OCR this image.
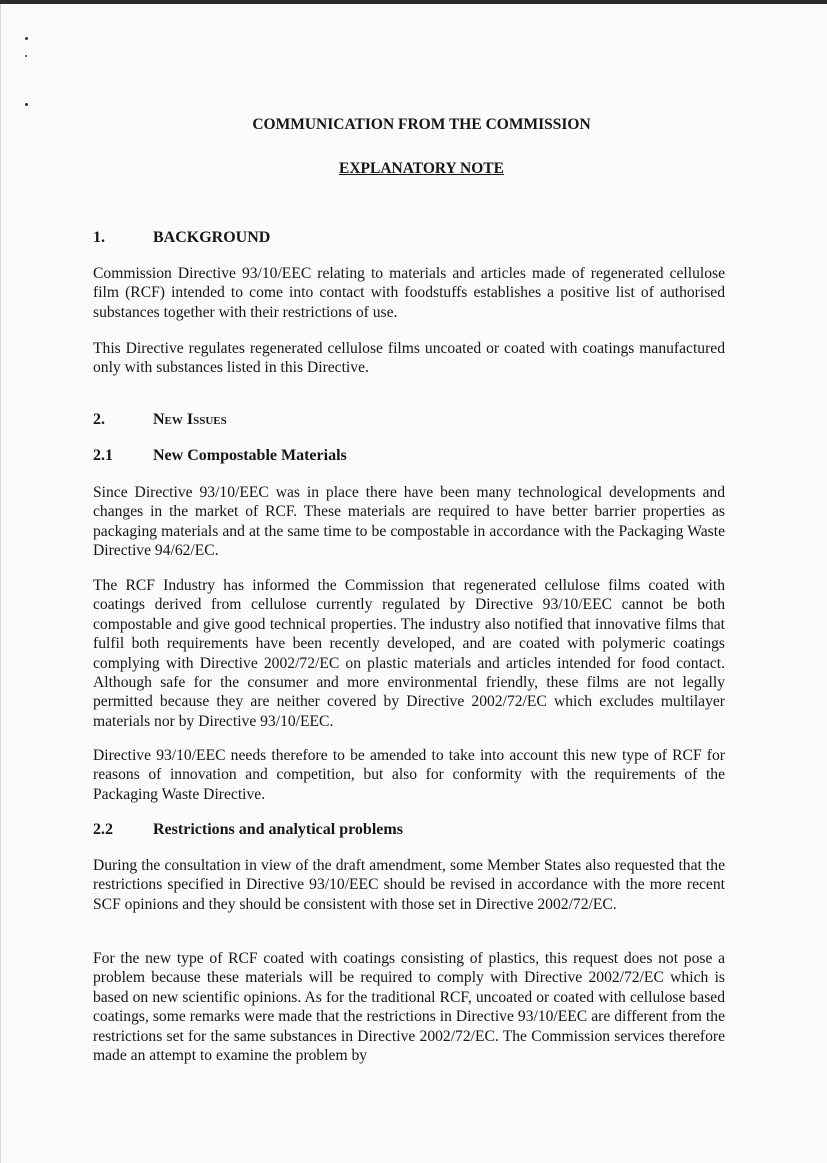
COMMUNICATION FROM THE COMMISSION
EXPLANATORY NOTE
1.	BACKGROUND

Commission Directive 93/10/EEC relating to materials and articles made of regenerated cellulose film (RCF) intended to come into contact with foodstuffs establishes a positive list of authorised substances together with their restrictions of use.

This Directive regulates regenerated cellulose films uncoated or coated with coatings manufactured only with substances listed in this Directive.

2.	New Issues
2.1	New Compostable Materials

Since Directive 93/10/EEC was in place there have been many technological developments and changes in the market of RCF. These materials are required to have better barrier properties as packaging materials and at the same time to be compostable in accordance with the Packaging Waste Directive 94/62/EC.

The RCF Industry has informed the Commission that regenerated cellulose films coated with coatings derived from cellulose currently regulated by Directive 93/10/EEC cannot be both compostable and give good technical properties. The industry also notified that innovative films that fulfil both requirements have been recently developed, and are coated with polymeric coatings complying with Directive 2002/72/EC on plastic materials and articles intended for food contact. Although safe for the consumer and more environmental friendly, these films are not legally permitted because they are neither covered by Directive 2002/72/EC which excludes multilayer materials nor by Directive 93/10/EEC.

Directive 93/10/EEC needs therefore to be amended to take into account this new type of RCF for reasons of innovation and competition, but also for conformity with the requirements of the Packaging Waste Directive.

2.2	Restrictions and analytical problems

During the consultation in view of the draft amendment, some Member States also requested that the restrictions specified in Directive 93/10/EEC should be revised in accordance with the more recent SCF opinions and they should be consistent with those set in Directive 2002/72/EC.

For the new type of RCF coated with coatings consisting of plastics, this request does not pose a problem because these materials will be required to comply with Directive 2002/72/EC which is based on new scientific opinions. As for the traditional RCF, uncoated or coated with cellulose based coatings, some remarks were made that the restrictions in Directive 93/10/EEC are different from the restrictions set for the same substances in Directive 2002/72/EC. The Commission services therefore made an attempt to examine the problem by
